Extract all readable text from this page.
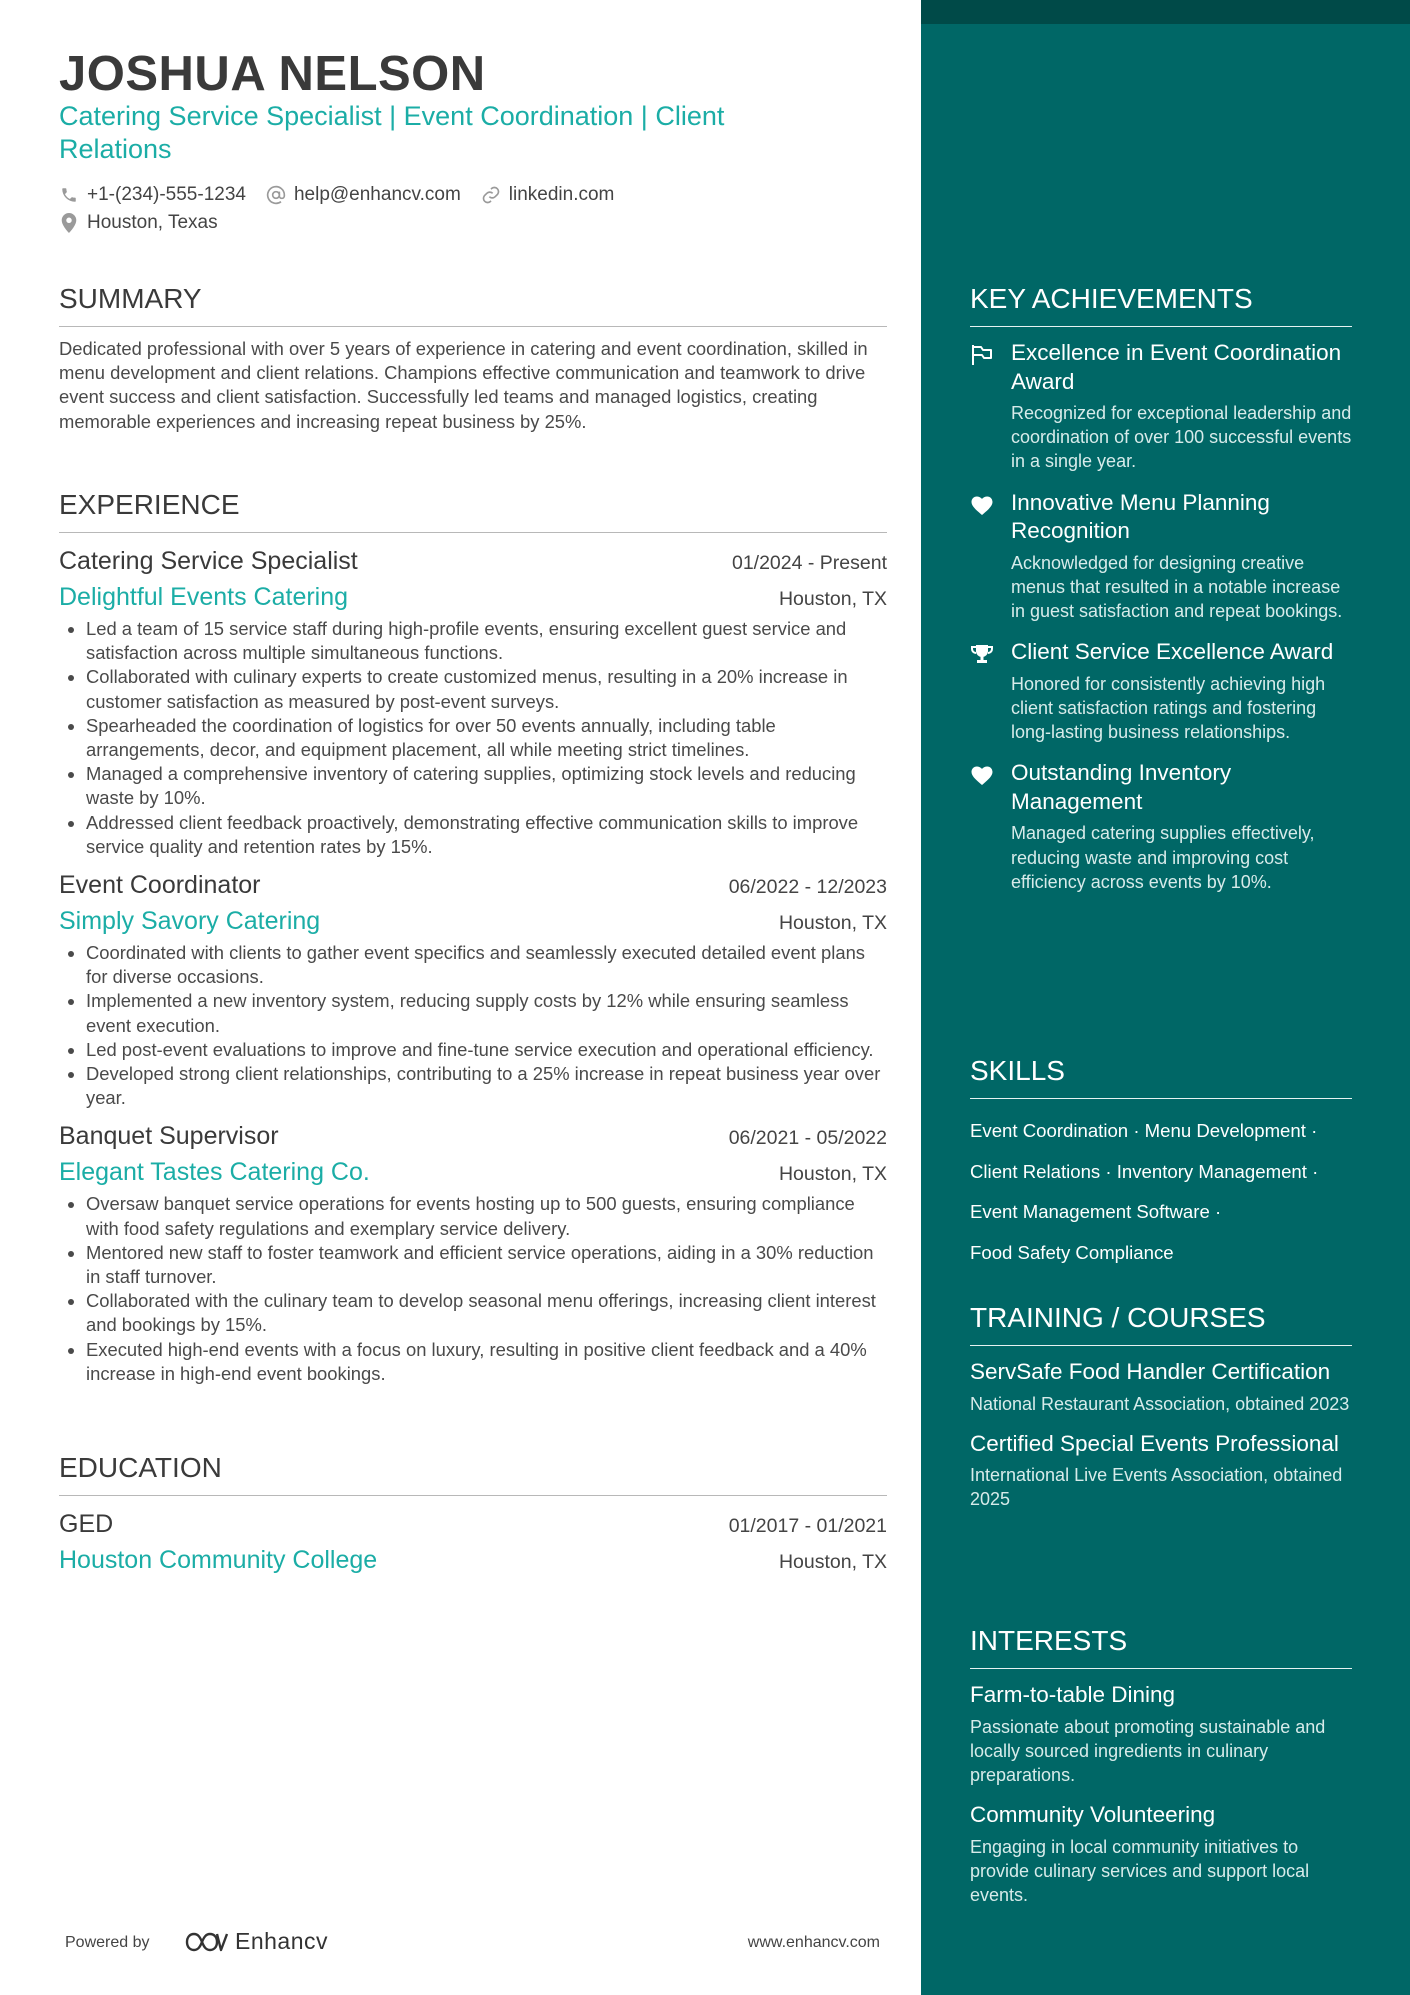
JOSHUA NELSON
Catering Service Specialist | Event Coordination | Client
Relations
+1-(234)-555-1234	help@enhancv.com	linkedin.com
Houston, Texas
SUMMARY
Dedicated professional with over 5 years of experience in catering and event coordination, skilled in menu development and client relations. Champions effective communication and teamwork to drive event success and client satisfaction. Successfully led teams and managed logistics, creating memorable experiences and increasing repeat business by 25%.
EXPERIENCE
Catering Service Specialist	01/2024 - Present
Delightful Events Catering	Houston, TX
• Led a team of 15 service staff during high-profile events, ensuring excellent guest service and satisfaction across multiple simultaneous functions.
• Collaborated with culinary experts to create customized menus, resulting in a 20% increase in customer satisfaction as measured by post-event surveys.
• Spearheaded the coordination of logistics for over 50 events annually, including table arrangements, decor, and equipment placement, all while meeting strict timelines.
• Managed a comprehensive inventory of catering supplies, optimizing stock levels and reducing waste by 10%.
• Addressed client feedback proactively, demonstrating effective communication skills to improve service quality and retention rates by 15%.
Event Coordinator	06/2022 - 12/2023
Simply Savory Catering	Houston, TX
• Coordinated with clients to gather event specifics and seamlessly executed detailed event plans for diverse occasions.
• Implemented a new inventory system, reducing supply costs by 12% while ensuring seamless event execution.
• Led post-event evaluations to improve and fine-tune service execution and operational efficiency.
• Developed strong client relationships, contributing to a 25% increase in repeat business year over year.
Banquet Supervisor	06/2021 - 05/2022
Elegant Tastes Catering Co.	Houston, TX
• Oversaw banquet service operations for events hosting up to 500 guests, ensuring compliance with food safety regulations and exemplary service delivery.
• Mentored new staff to foster teamwork and efficient service operations, aiding in a 30% reduction in staff turnover.
• Collaborated with the culinary team to develop seasonal menu offerings, increasing client interest and bookings by 15%.
• Executed high-end events with a focus on luxury, resulting in positive client feedback and a 40% increase in high-end event bookings.
EDUCATION
GED	01/2017 - 01/2021
Houston Community College	Houston, TX
Powered by	Enhancv	www.enhancv.com
KEY ACHIEVEMENTS
Excellence in Event Coordination Award
Recognized for exceptional leadership and coordination of over 100 successful events in a single year.
Innovative Menu Planning Recognition
Acknowledged for designing creative menus that resulted in a notable increase in guest satisfaction and repeat bookings.
Client Service Excellence Award
Honored for consistently achieving high client satisfaction ratings and fostering long-lasting business relationships.
Outstanding Inventory Management
Managed catering supplies effectively, reducing waste and improving cost efficiency across events by 10%.
SKILLS
Event Coordination · Menu Development ·
Client Relations · Inventory Management ·
Event Management Software ·
Food Safety Compliance
TRAINING / COURSES
ServSafe Food Handler Certification
National Restaurant Association, obtained 2023
Certified Special Events Professional
International Live Events Association, obtained 2025
INTERESTS
Farm-to-table Dining
Passionate about promoting sustainable and locally sourced ingredients in culinary preparations.
Community Volunteering
Engaging in local community initiatives to provide culinary services and support local events.
